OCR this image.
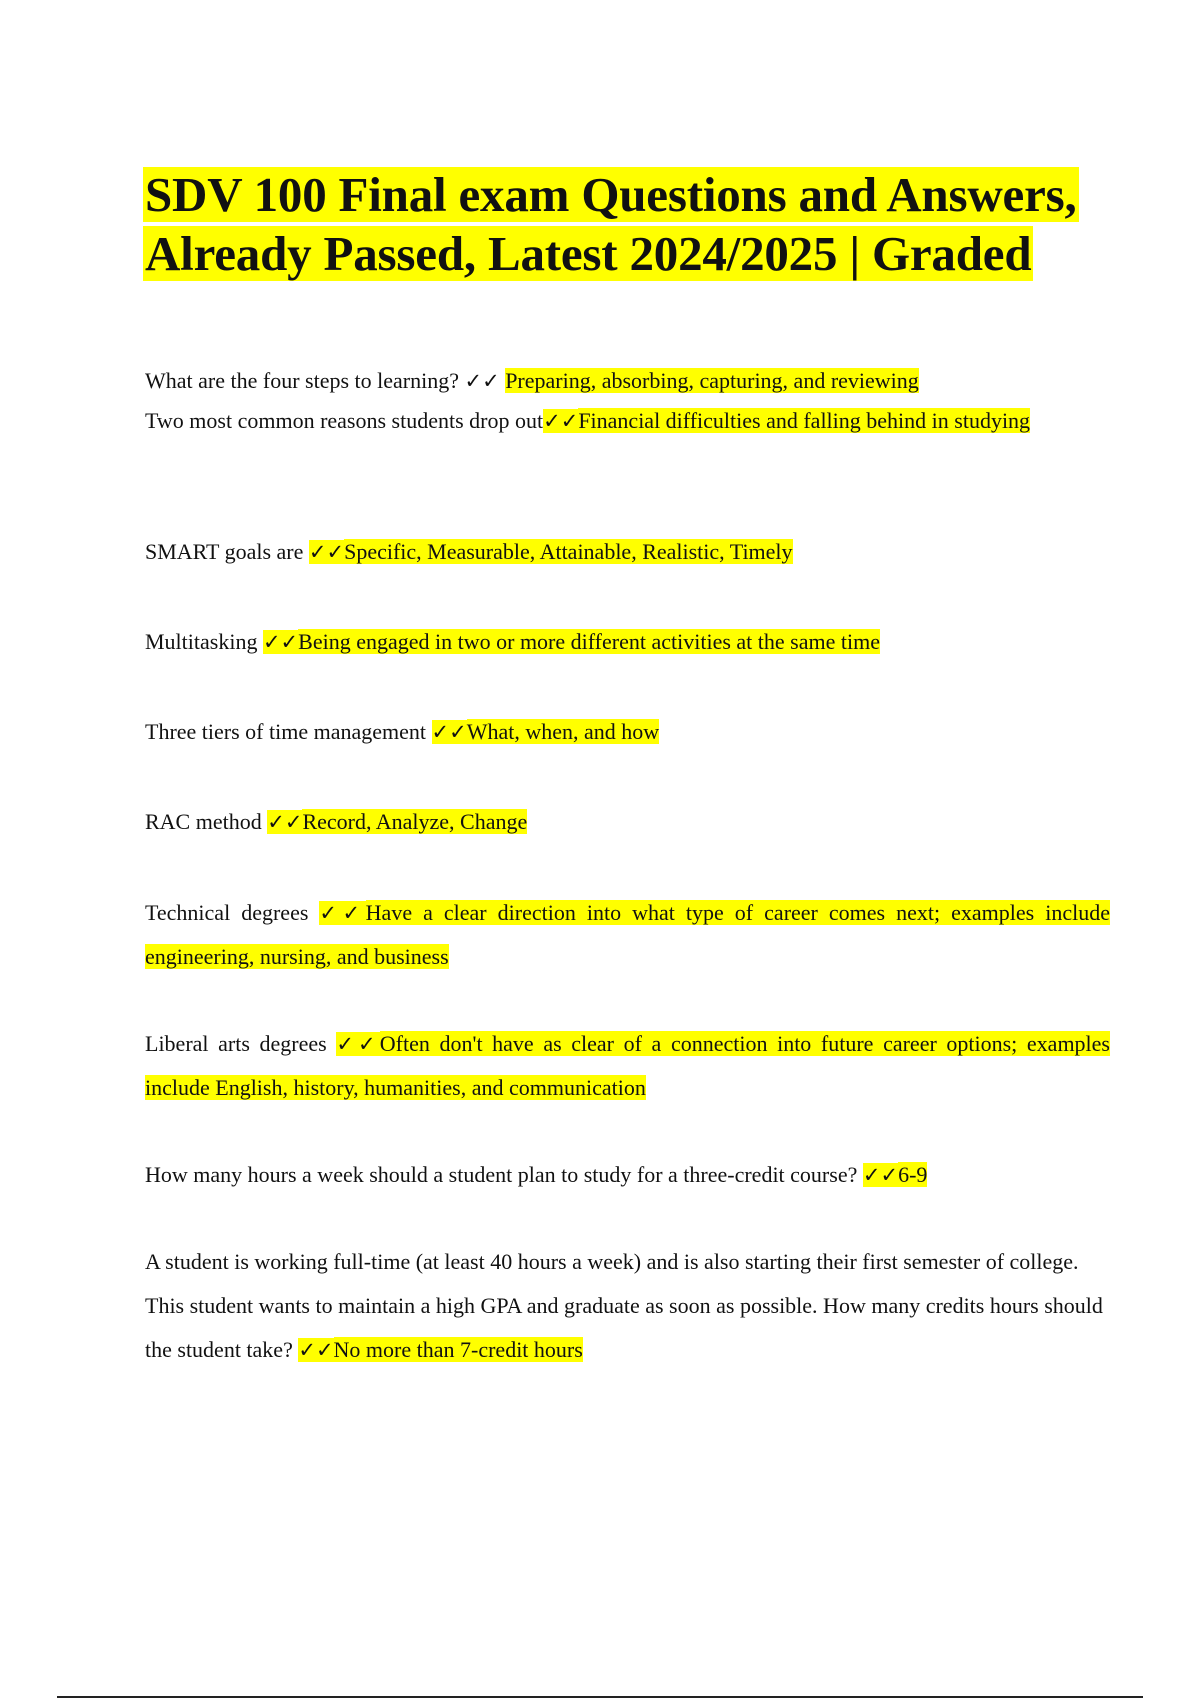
SDV 100 Final exam Questions and Answers, Already Passed, Latest 2024/2025 | Graded

What are the four steps to learning? ✓✓ Preparing, absorbing, capturing, and reviewing

Two most common reasons students drop out✓✓Financial difficulties and falling behind in studying

SMART goals are ✓✓Specific, Measurable, Attainable, Realistic, Timely

Multitasking ✓✓Being engaged in two or more different activities at the same time

Three tiers of time management ✓✓What, when, and how

RAC method ✓✓Record, Analyze, Change

Technical degrees ✓✓Have a clear direction into what type of career comes next; examples include engineering, nursing, and business

Liberal arts degrees ✓✓Often don't have as clear of a connection into future career options; examples include English, history, humanities, and communication

How many hours a week should a student plan to study for a three-credit course? ✓✓6-9

A student is working full-time (at least 40 hours a week) and is also starting their first semester of college. This student wants to maintain a high GPA and graduate as soon as possible. How many credits hours should the student take? ✓✓No more than 7-credit hours
